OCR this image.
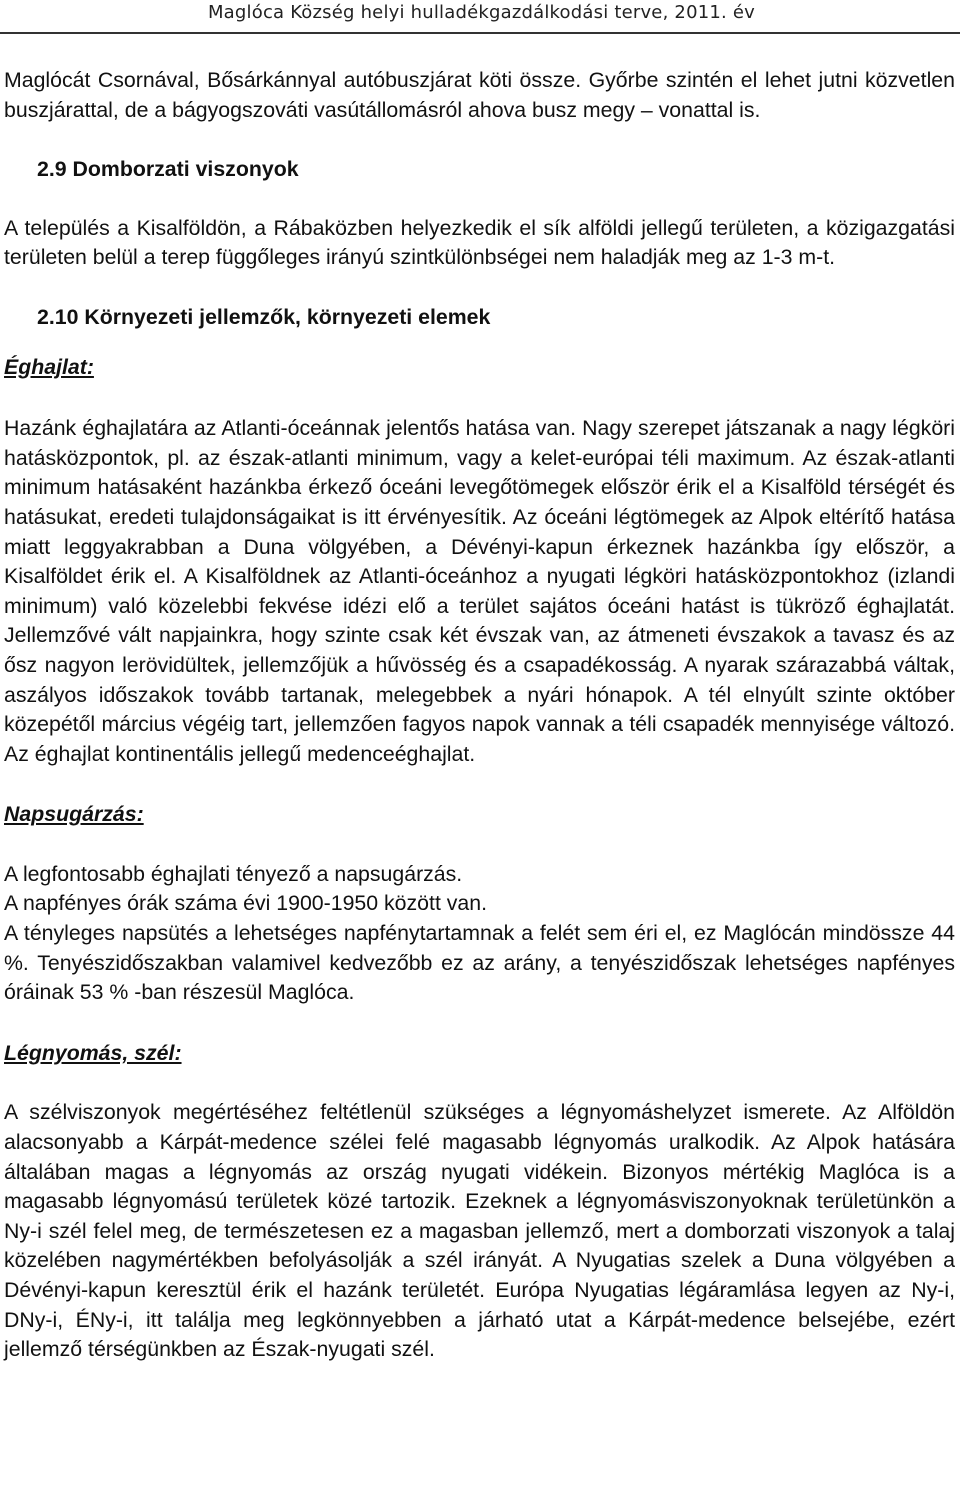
Maglóca Község helyi hulladékgazdálkodási terve, 2011. év

Maglócát Csornával, Bősárkánnyal autóbuszjárat köti össze. Győrbe szintén el lehet jutni közvetlen buszjárattal, de a bágyogszováti vasútállomásról ahova busz megy – vonattal is.

2.9 Domborzati viszonyok

A település a Kisalföldön, a Rábaközben helyezkedik el sík alföldi jellegű területen, a közigazgatási területen belül a terep függőleges irányú szintkülönbségei nem haladják meg az 1-3 m-t.

2.10 Környezeti jellemzők, környezeti elemek
Éghajlat:

Hazánk éghajlatára az Atlanti-óceánnak jelentős hatása van. Nagy szerepet játszanak a nagy légköri hatásközpontok, pl. az észak-atlanti minimum, vagy a kelet-európai téli maximum. Az észak-atlanti minimum hatásaként hazánkba érkező óceáni levegőtömegek először érik el a Kisalföld térségét és hatásukat, eredeti tulajdonságaikat is itt érvényesítik. Az óceáni légtömegek az Alpok eltérítő hatása miatt leggyakrabban a Duna völgyében, a Dévényi-kapun érkeznek hazánkba így először, a Kisalföldet érik el. A Kisalföldnek az Atlanti-óceánhoz a nyugati légköri hatásközpontokhoz (izlandi minimum) való közelebbi fekvése idézi elő a terület sajátos óceáni hatást is tükröző éghajlatát. Jellemzővé vált napjainkra, hogy szinte csak két évszak van, az átmeneti évszakok a tavasz és az ősz nagyon lerövidültek, jellemzőjük a hűvösség és a csapadékosság. A nyarak szárazabbá váltak, aszályos időszakok tovább tartanak, melegebbek a nyári hónapok. A tél elnyúlt szinte október közepétől március végéig tart, jellemzően fagyos napok vannak a téli csapadék mennyisége változó. Az éghajlat kontinentális jellegű medenceéghajlat.

Napsugárzás:

A legfontosabb éghajlati tényező a napsugárzás.

A napfényes órák száma évi 1900-1950 között van.

A tényleges napsütés a lehetséges napfénytartamnak a felét sem éri el, ez Maglócán mindössze 44 %. Tenyészidőszakban valamivel kedvezőbb ez az arány, a tenyészidőszak lehetséges napfényes óráinak 53 % -ban részesül Maglóca.

Légnyomás, szél:

A szélviszonyok megértéséhez feltétlenül szükséges a légnyomáshelyzet ismerete. Az Alföldön alacsonyabb a Kárpát-medence szélei felé magasabb légnyomás uralkodik. Az Alpok hatására általában magas a légnyomás az ország nyugati vidékein. Bizonyos mértékig Maglóca is a magasabb légnyomású területek közé tartozik. Ezeknek a légnyomásviszonyoknak területünkön a Ny-i szél felel meg, de természetesen ez a magasban jellemző, mert a domborzati viszonyok a talaj közelében nagymértékben befolyásolják a szél irányát. A Nyugatias szelek a Duna völgyében a Dévényi-kapun keresztül érik el hazánk területét. Európa Nyugatias légáramlása legyen az Ny-i, DNy-i, ÉNy-i, itt találja meg legkönnyebben a járható utat a Kárpát-medence belsejébe, ezért jellemző térségünkben az Észak-nyugati szél.
